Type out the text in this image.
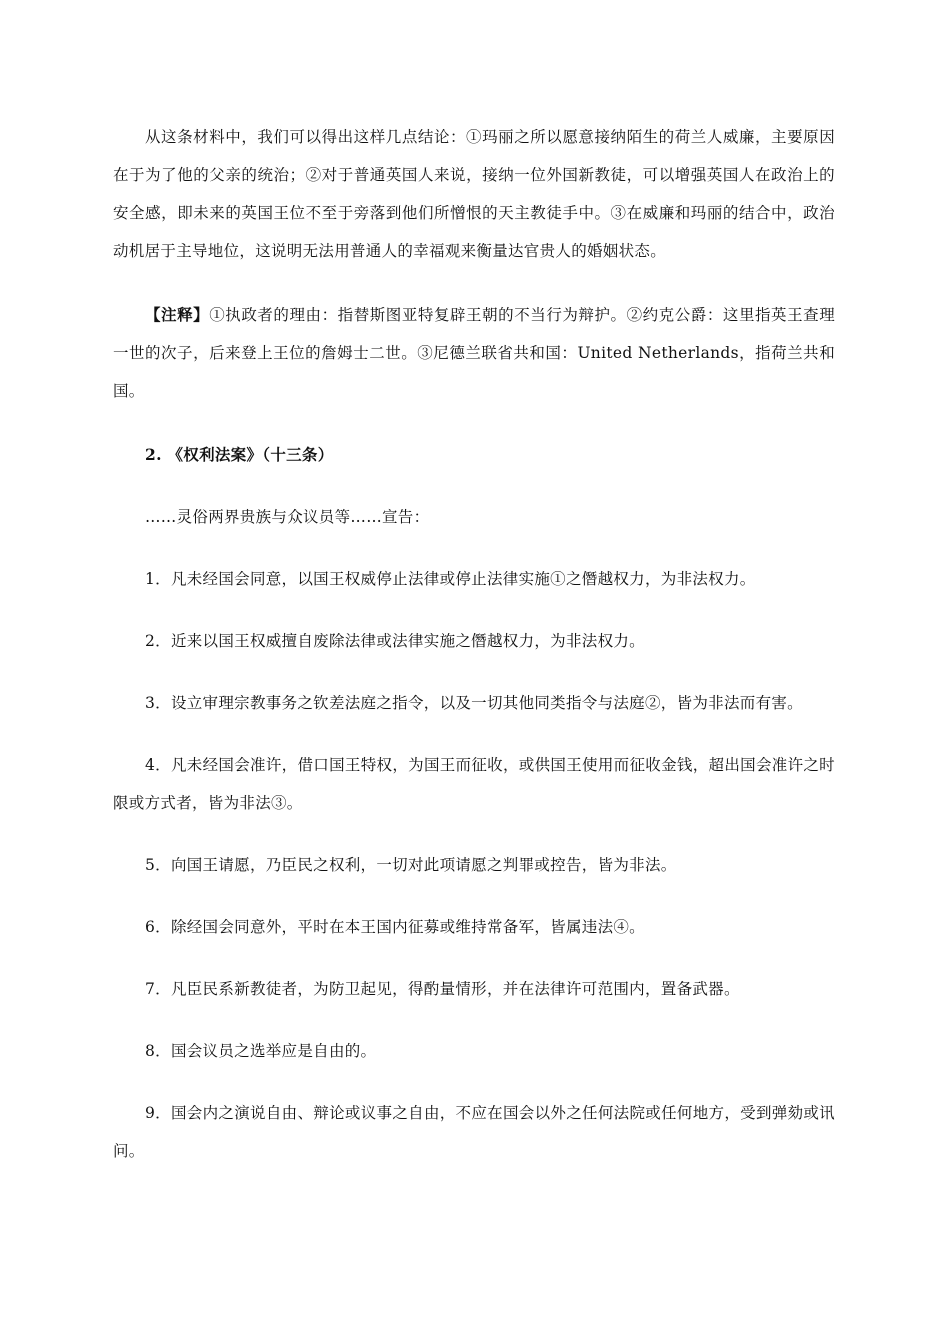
从这条材料中，我们可以得出这样几点结论：①玛丽之所以愿意接纳陌生的荷兰人威廉，主要原因在于为了他的父亲的统治；②对于普通英国人来说，接纳一位外国新教徒，可以增强英国人在政治上的安全感，即未来的英国王位不至于旁落到他们所憎恨的天主教徒手中。③在威廉和玛丽的结合中，政治动机居于主导地位，这说明无法用普通人的幸福观来衡量达官贵人的婚姻状态。

【注释】①执政者的理由：指替斯图亚特复辟王朝的不当行为辩护。②约克公爵：这里指英王查理一世的次子，后来登上王位的詹姆士二世。③尼德兰联省共和国：United Netherlands，指荷兰共和国。

2. 《权利法案》（十三条）

……灵俗两界贵族与众议员等……宣告：

1．凡未经国会同意，以国王权威停止法律或停止法律实施①之僭越权力，为非法权力。

2．近来以国王权威擅自废除法律或法律实施之僭越权力，为非法权力。

3．设立审理宗教事务之钦差法庭之指令，以及一切其他同类指令与法庭②，皆为非法而有害。

4．凡未经国会准许，借口国王特权，为国王而征收，或供国王使用而征收金钱，超出国会准许之时限或方式者，皆为非法③。

5．向国王请愿，乃臣民之权利，一切对此项请愿之判罪或控告，皆为非法。

6．除经国会同意外，平时在本王国内征募或维持常备军，皆属违法④。

7．凡臣民系新教徒者，为防卫起见，得酌量情形，并在法律许可范围内，置备武器。

8．国会议员之选举应是自由的。

9．国会内之演说自由、辩论或议事之自由，不应在国会以外之任何法院或任何地方，受到弹劾或讯问。
